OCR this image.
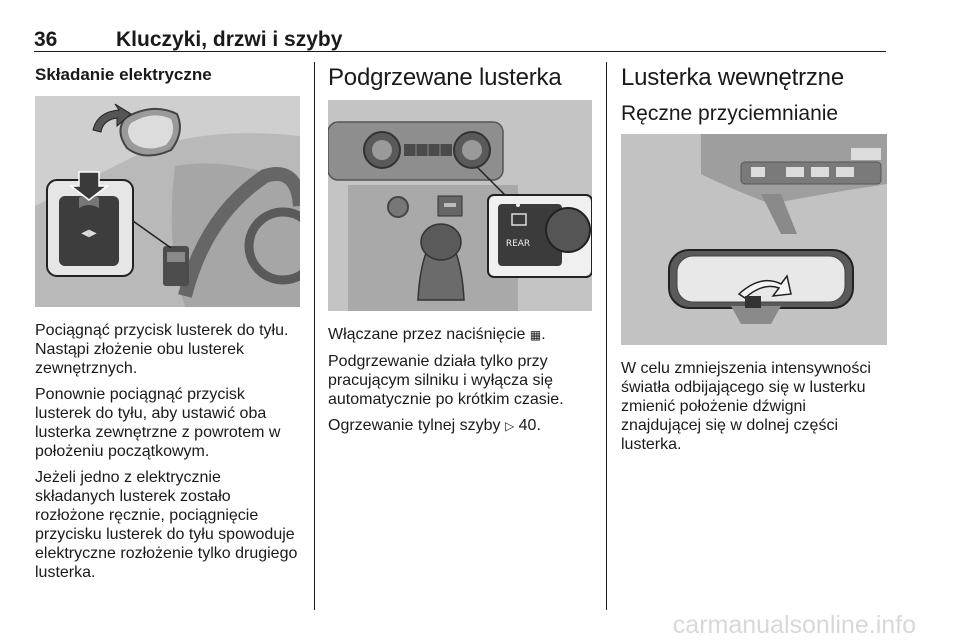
36	Kluczyki, drzwi i szyby
Składanie elektryczne
◀▶

Pociągnąć przycisk lusterek do tyłu. Nastąpi złożenie obu lusterek zewnętrznych.

Ponownie pociągnąć przycisk lusterek do tyłu, aby ustawić oba lusterka zewnętrzne z powrotem w położeniu początkowym.

Jeżeli jedno z elektrycznie składanych lusterek zostało rozłożone ręcznie, pociągnięcie przycisku lusterek do tyłu spowoduje elektryczne rozłożenie tylko drugiego lusterka.

Podgrzewane lusterka
REAR

Włączane przez naciśnięcie ▦.

Podgrzewanie działa tylko przy pracującym silniku i wyłącza się automatycznie po krótkim czasie.

Ogrzewanie tylnej szyby ▷ 40.

Lusterka wewnętrzne
Ręczne przyciemnianie

W celu zmniejszenia intensywności światła odbijającego się w lusterku zmienić położenie dźwigni znajdującej się w dolnej części lusterka.

carmanualsonline.info
